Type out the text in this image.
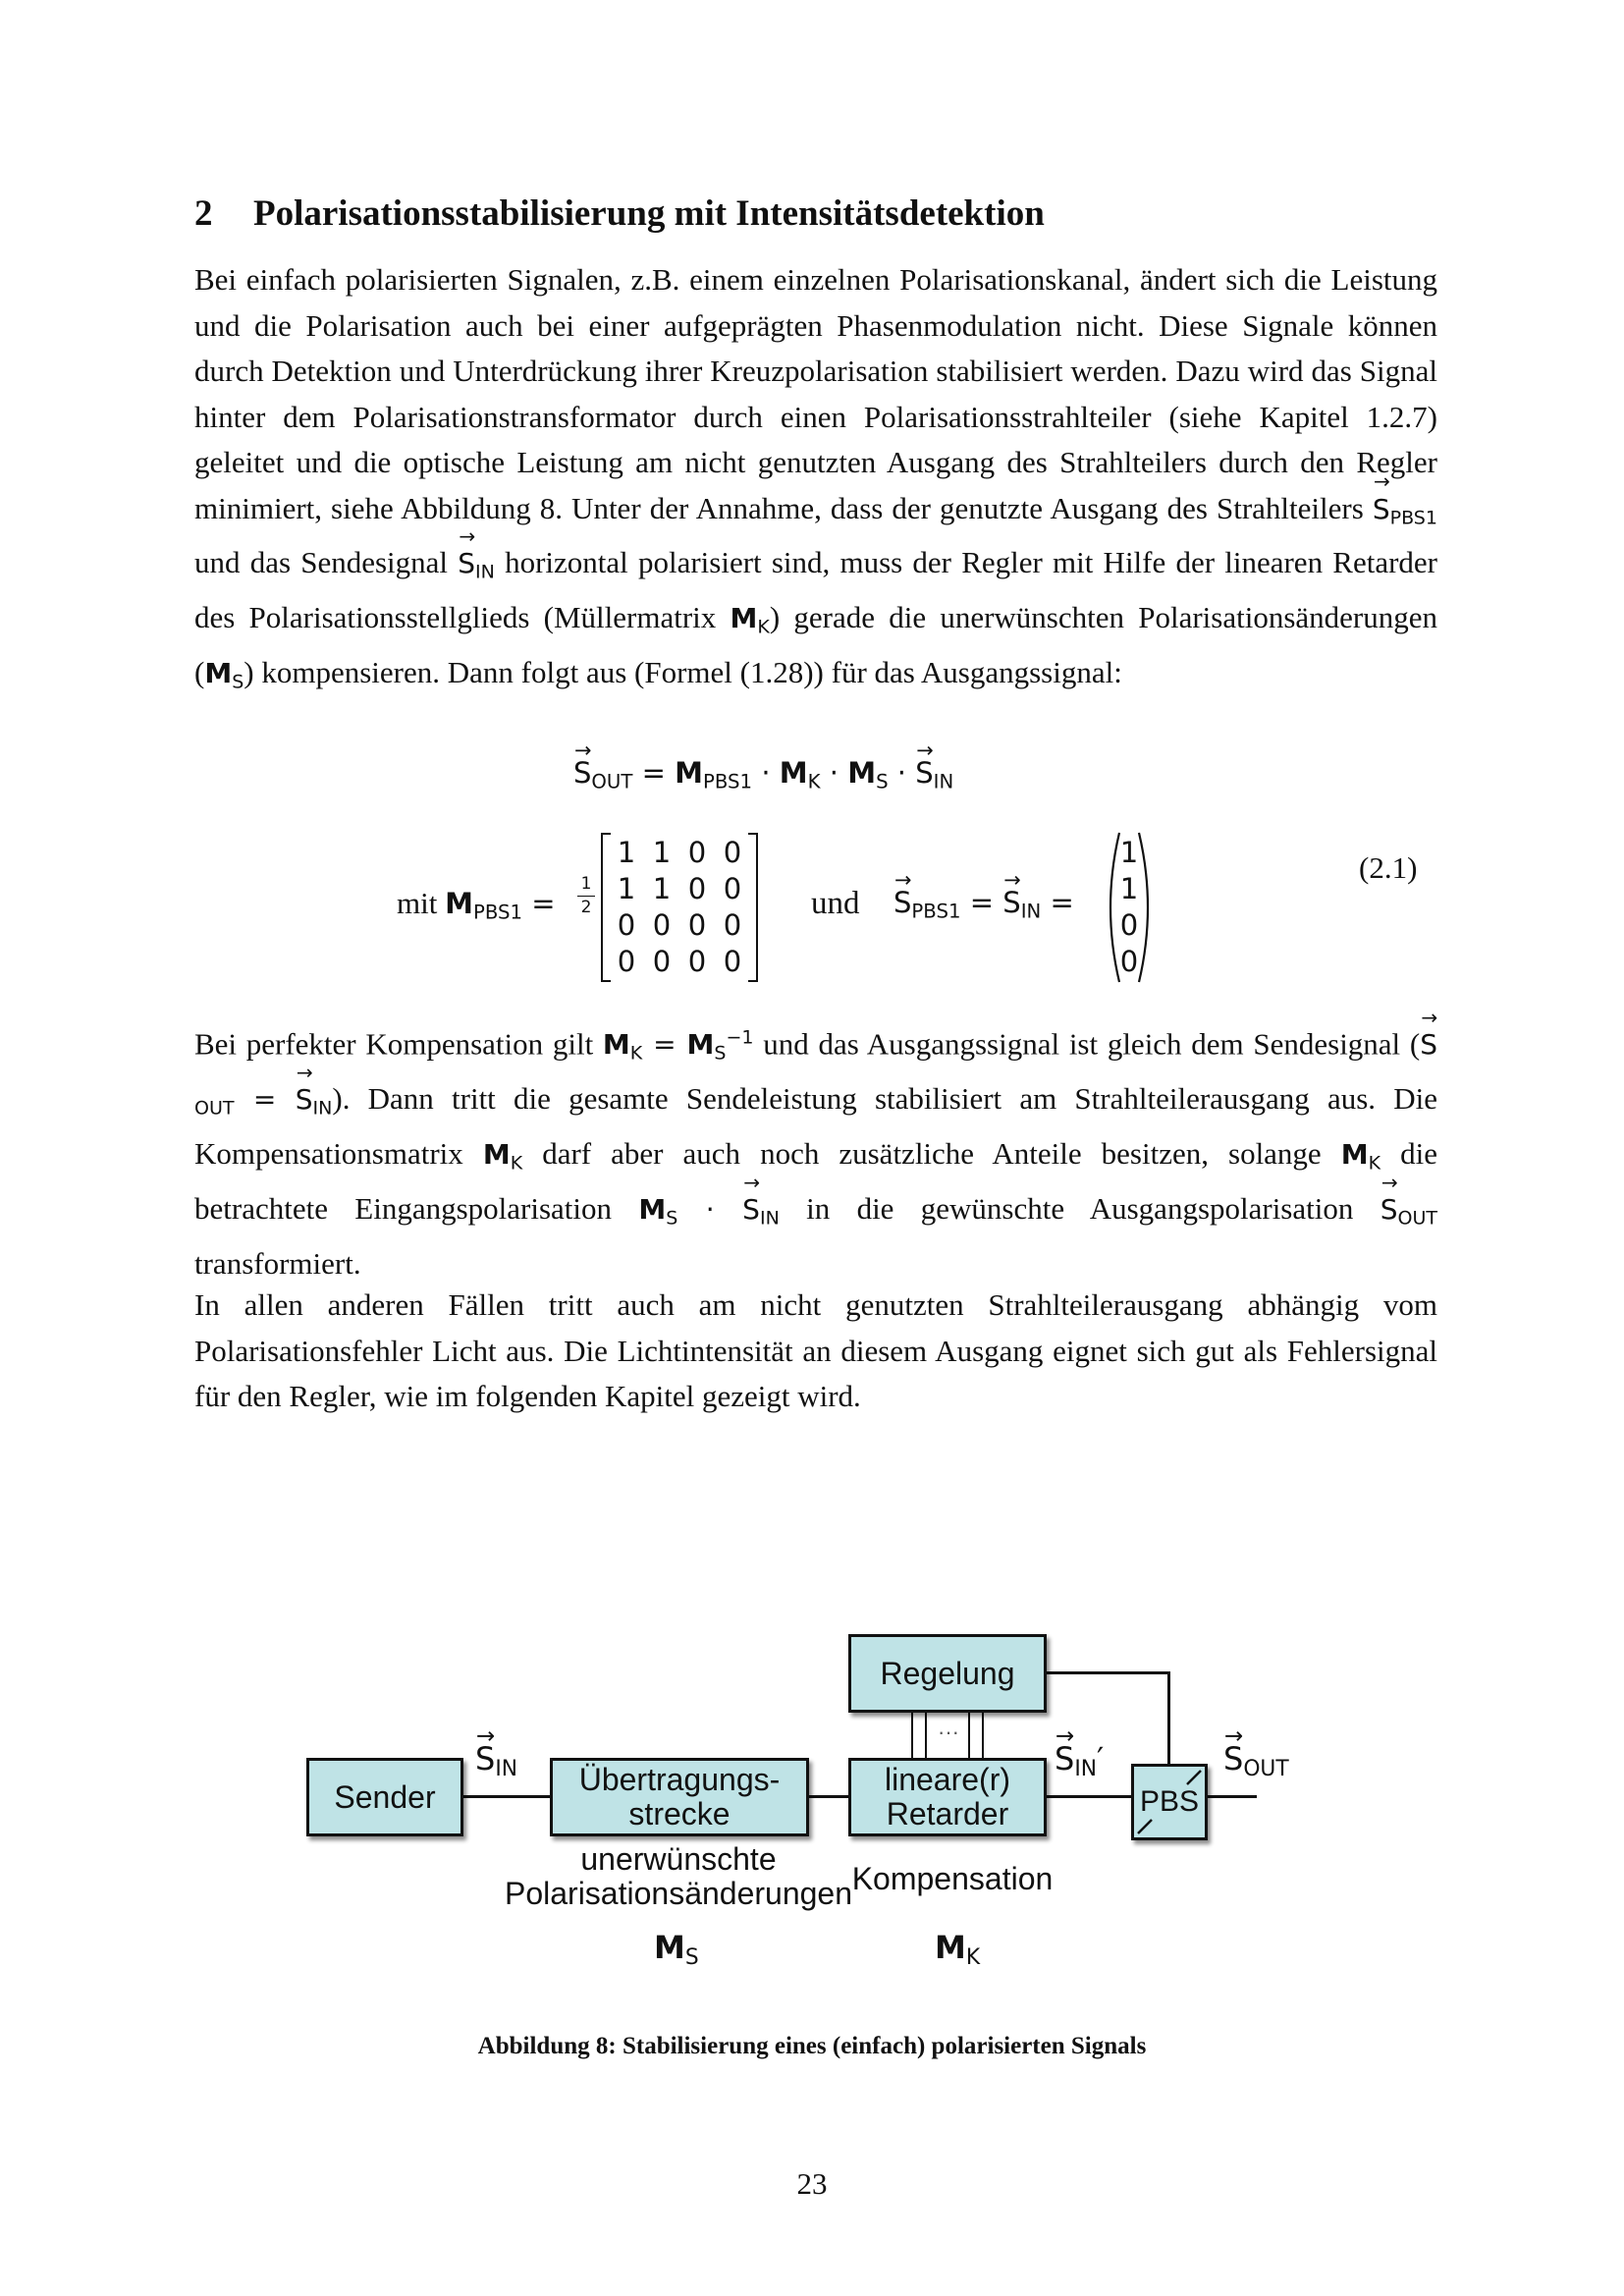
2 Polarisationsstabilisierung mit Intensitätsdetektion

Bei einfach polarisierten Signalen, z.B. einem einzelnen Polarisationskanal, ändert sich die Leistung und die Polarisation auch bei einer aufgeprägten Phasenmodulation nicht. Diese Signale können durch Detektion und Unterdrückung ihrer Kreuzpolarisation stabilisiert werden. Dazu wird das Signal hinter dem Polarisationstransformator durch einen Polarisationsstrahlteiler (siehe Kapitel 1.2.7) geleitet und die optische Leistung am nicht genutzten Ausgang des Strahlteilers durch den Regler minimiert, siehe Abbildung 8. Unter der Annahme, dass der genutzte Ausgang des Strahlteilers → $S_{PBS1}$ und das Sendesignal → $S_{IN}$ horizontal polarisiert sind, muss der Regler mit Hilfe der linearen Retarder des Polarisationsstellglieds (Müllermatrix $M_K$) gerade die unerwünschten Polarisationsänderungen $(M_S)$ kompensieren. Dann folgt aus (Formel (1.28)) für das Ausgangssignal:

→ $S_{OUT} = M_{PBS1} \cdot M_K \cdot M_S$ · → $S_{IN}$
mit $M_{PBS1}$ =
1
2
1 1 0 0
1 1 0 0
0 0 0 0
0 0 0 0
und → $S_{PBS1}$ = → $S_{IN}$ =
1
1
0
0
(2.1)

Bei perfekter Kompensation gilt $M_K = M_S^{-1}$ und das Ausgangssignal ist gleich dem Sendesignal (→ $S_{OUT}$ = → $S_{IN}$). Dann tritt die gesamte Sendeleistung stabilisiert am Strahlteilerausgang aus. Die Kompensationsmatrix $M_K$ darf aber auch noch zusätzliche Anteile besitzen, solange $M_K$ die betrachtete Eingangspolarisation $M_S$ · → $S_{IN}$ in die gewünschte Ausgangspolarisation → $S_{OUT}$ transformiert.

In allen anderen Fällen tritt auch am nicht genutzten Strahlteilerausgang abhängig vom Polarisationsfehler Licht aus. Die Lichtintensität an diesem Ausgang eignet sich gut als Fehlersignal für den Regler, wie im folgenden Kapitel gezeigt wird.

···
Sender	Übertragungs-
strecke
lineare(r)
Retarder
Regelung
PBS
→ $S_{IN}$	→ $S_{IN}'$	→ $S_{OUT}$
unerwünschte
Polarisationsänderungen Kompensation
$M_S$	$M_K$
Abbildung 8: Stabilisierung eines (einfach) polarisierten Signals
23
